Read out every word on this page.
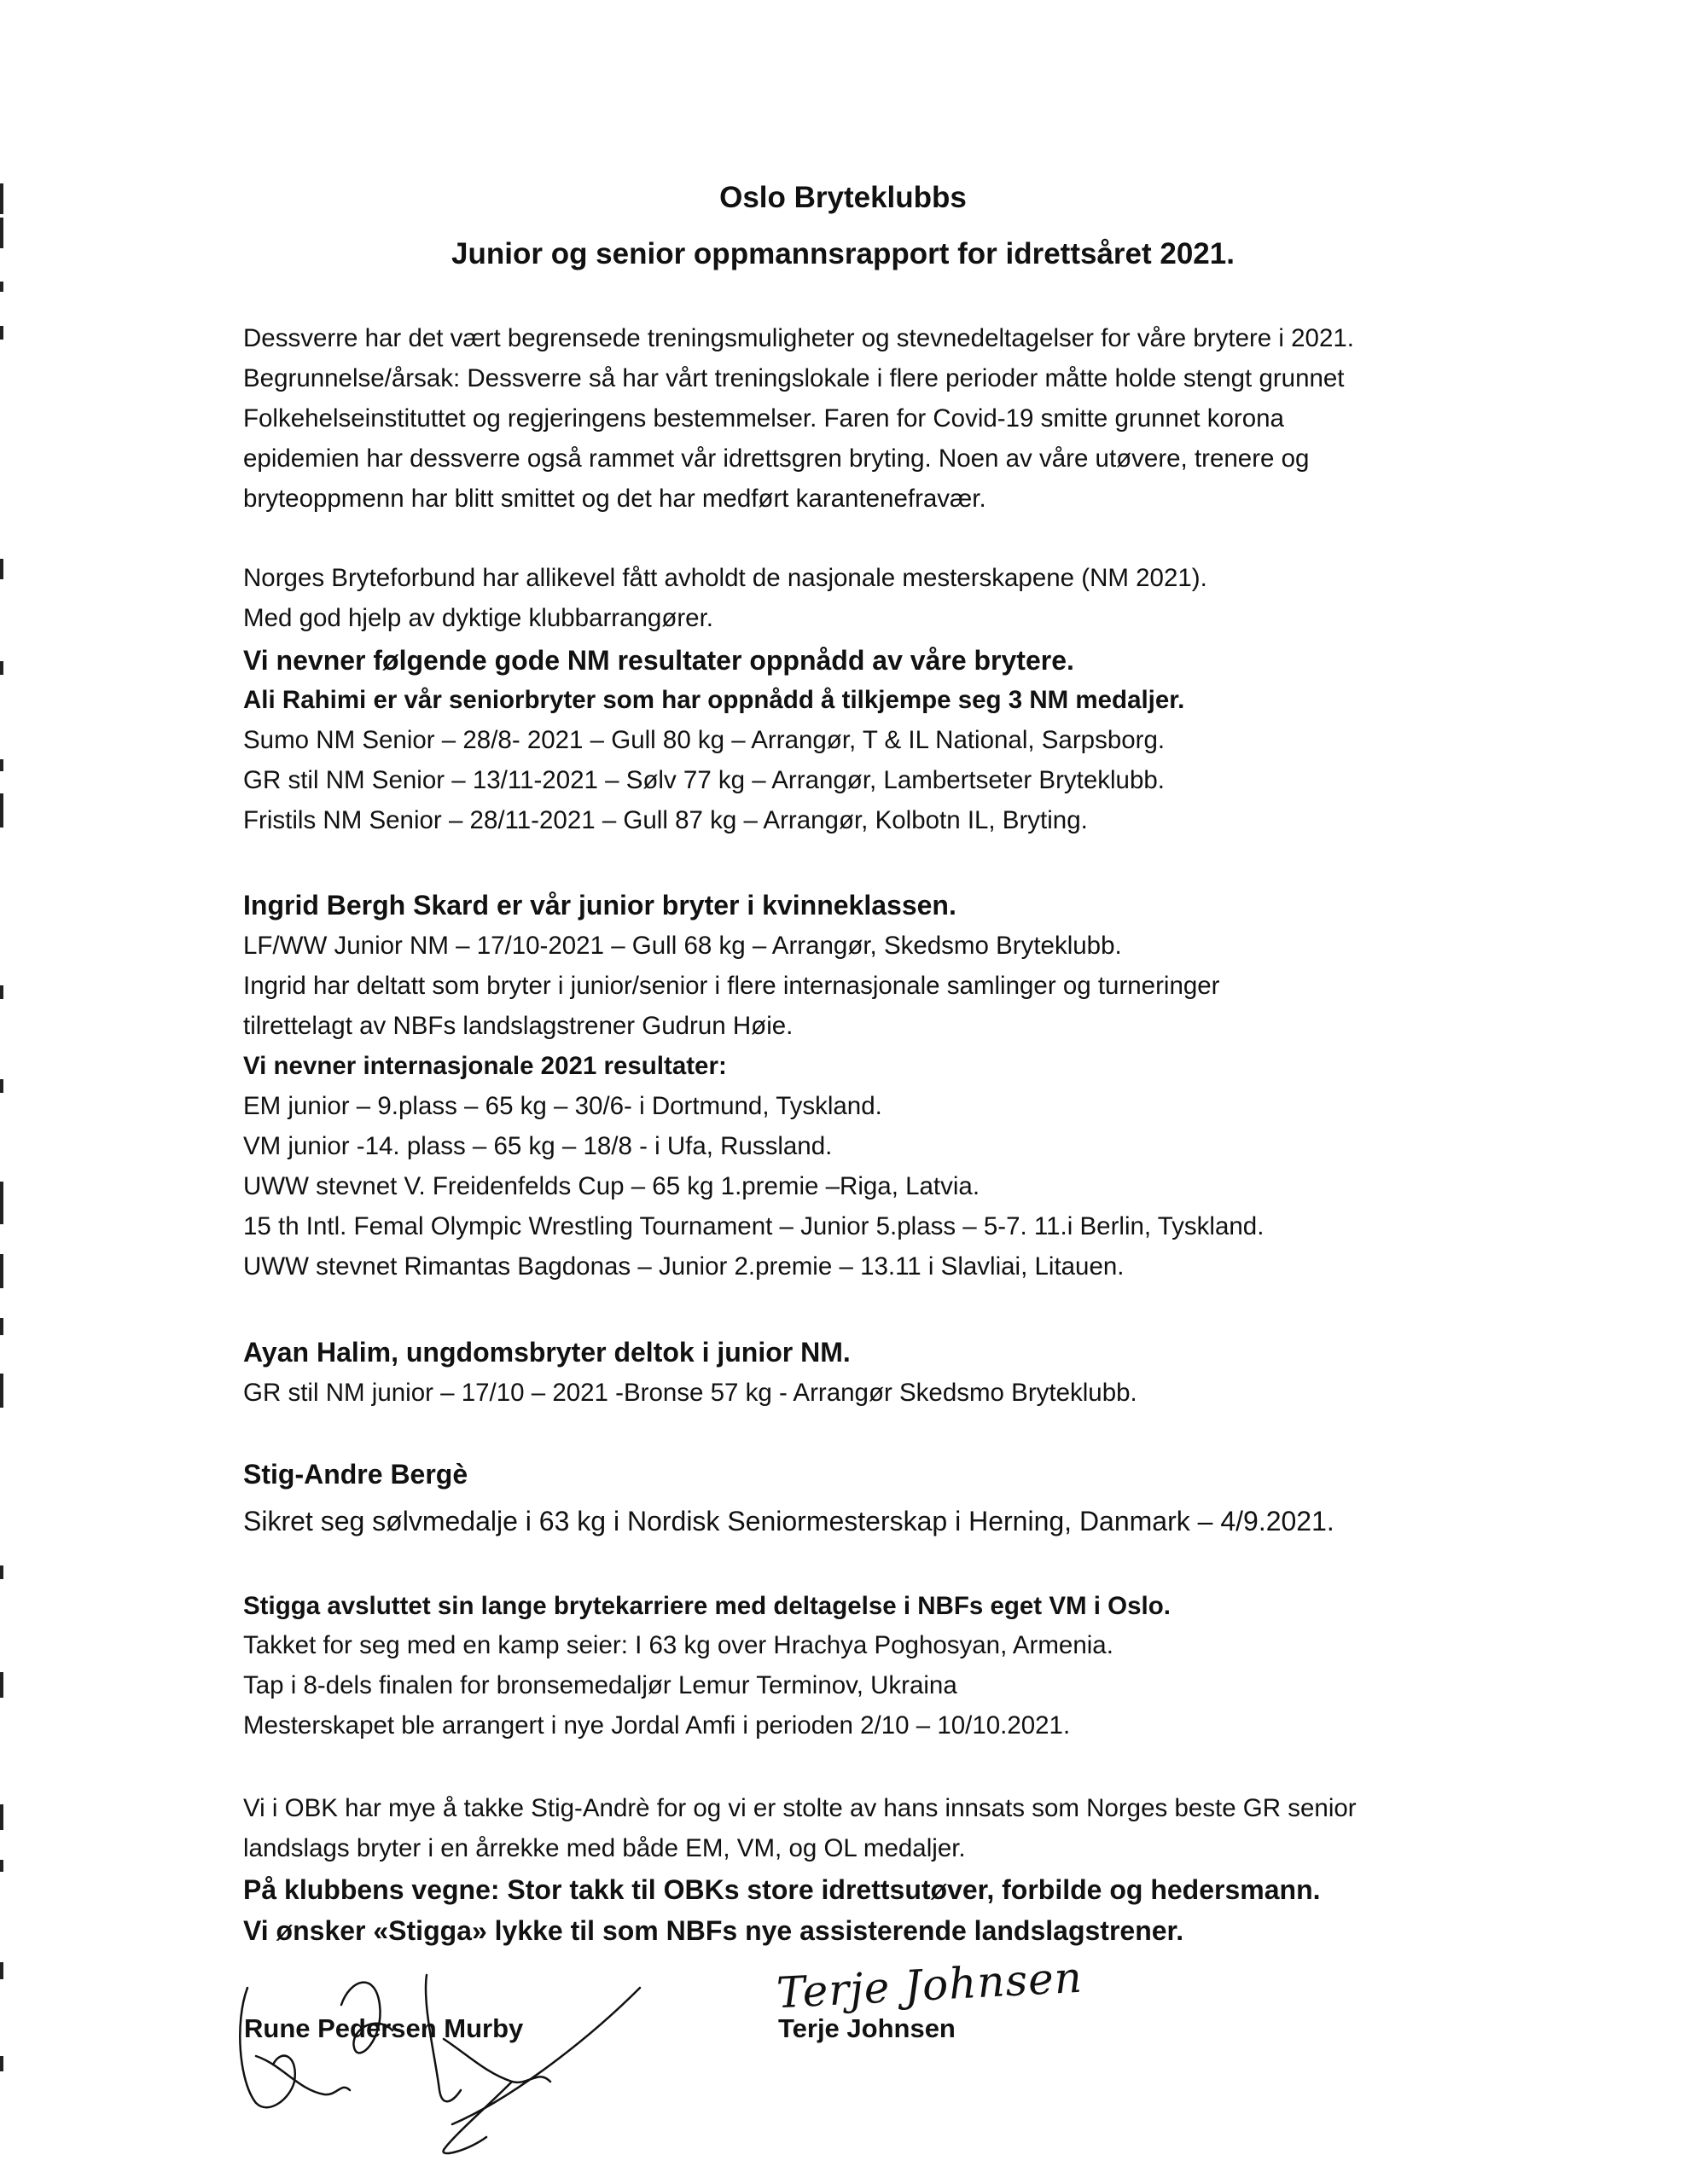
Oslo Bryteklubbs
Junior og senior oppmannsrapport for idrettsåret 2021.
Dessverre har det vært begrensede treningsmuligheter og stevnedeltagelser for våre brytere i 2021.
Begrunnelse/årsak: Dessverre så har vårt treningslokale i flere perioder måtte holde stengt grunnet
Folkehelseinstituttet og regjeringens bestemmelser. Faren for Covid-19 smitte grunnet korona
epidemien har dessverre også rammet vår idrettsgren bryting. Noen av våre utøvere, trenere og
bryteoppmenn har blitt smittet og det har medført karantenefravær.
Norges Bryteforbund har allikevel fått avholdt de nasjonale mesterskapene (NM 2021).
Med god hjelp av dyktige klubbarrangører.
Vi nevner følgende gode NM resultater oppnådd av våre brytere.
Ali Rahimi er vår seniorbryter som har oppnådd å tilkjempe seg 3 NM medaljer.
Sumo NM Senior – 28/8- 2021 – Gull 80 kg – Arrangør, T & IL National, Sarpsborg.
GR stil NM Senior – 13/11-2021 – Sølv 77 kg – Arrangør, Lambertseter Bryteklubb.
Fristils NM Senior – 28/11-2021 – Gull 87 kg – Arrangør, Kolbotn IL, Bryting.
Ingrid Bergh Skard er vår junior bryter i kvinneklassen.
LF/WW Junior NM – 17/10-2021 – Gull 68 kg – Arrangør, Skedsmo Bryteklubb.
Ingrid har deltatt som bryter i junior/senior i flere internasjonale samlinger og turneringer
tilrettelagt av NBFs landslagstrener Gudrun Høie.
Vi nevner internasjonale 2021 resultater:
EM junior – 9.plass – 65 kg – 30/6- i Dortmund, Tyskland.
VM junior -14. plass – 65 kg – 18/8 - i Ufa, Russland.
UWW stevnet V. Freidenfelds Cup – 65 kg 1.premie –Riga, Latvia.
15 th Intl. Femal Olympic Wrestling Tournament – Junior 5.plass – 5-7. 11.i Berlin, Tyskland.
UWW stevnet Rimantas Bagdonas – Junior 2.premie – 13.11 i Slavliai, Litauen.
Ayan Halim, ungdomsbryter deltok i junior NM.
GR stil NM junior – 17/10 – 2021 -Bronse 57 kg - Arrangør Skedsmo Bryteklubb.
Stig-Andre Bergè
Sikret seg sølvmedalje i 63 kg i Nordisk Seniormesterskap i Herning, Danmark – 4/9.2021.
Stigga avsluttet sin lange brytekarriere med deltagelse i NBFs eget VM i Oslo.
Takket for seg med en kamp seier: I 63 kg over Hrachya Poghosyan, Armenia.
Tap i 8-dels finalen for bronsemedaljør Lemur Terminov, Ukraina
Mesterskapet ble arrangert i nye Jordal Amfi i perioden 2/10 – 10/10.2021.
Vi i OBK har mye å takke Stig-Andrè for og vi er stolte av hans innsats som Norges beste GR senior
landslags bryter i en årrekke med både EM, VM, og OL medaljer.
På klubbens vegne: Stor takk til OBKs store idrettsutøver, forbilde og hedersmann.
Vi ønsker «Stigga» lykke til som NBFs nye assisterende landslagstrener.
Rune Pedersen Murby
Terje Johnsen
Terje Johnsen
